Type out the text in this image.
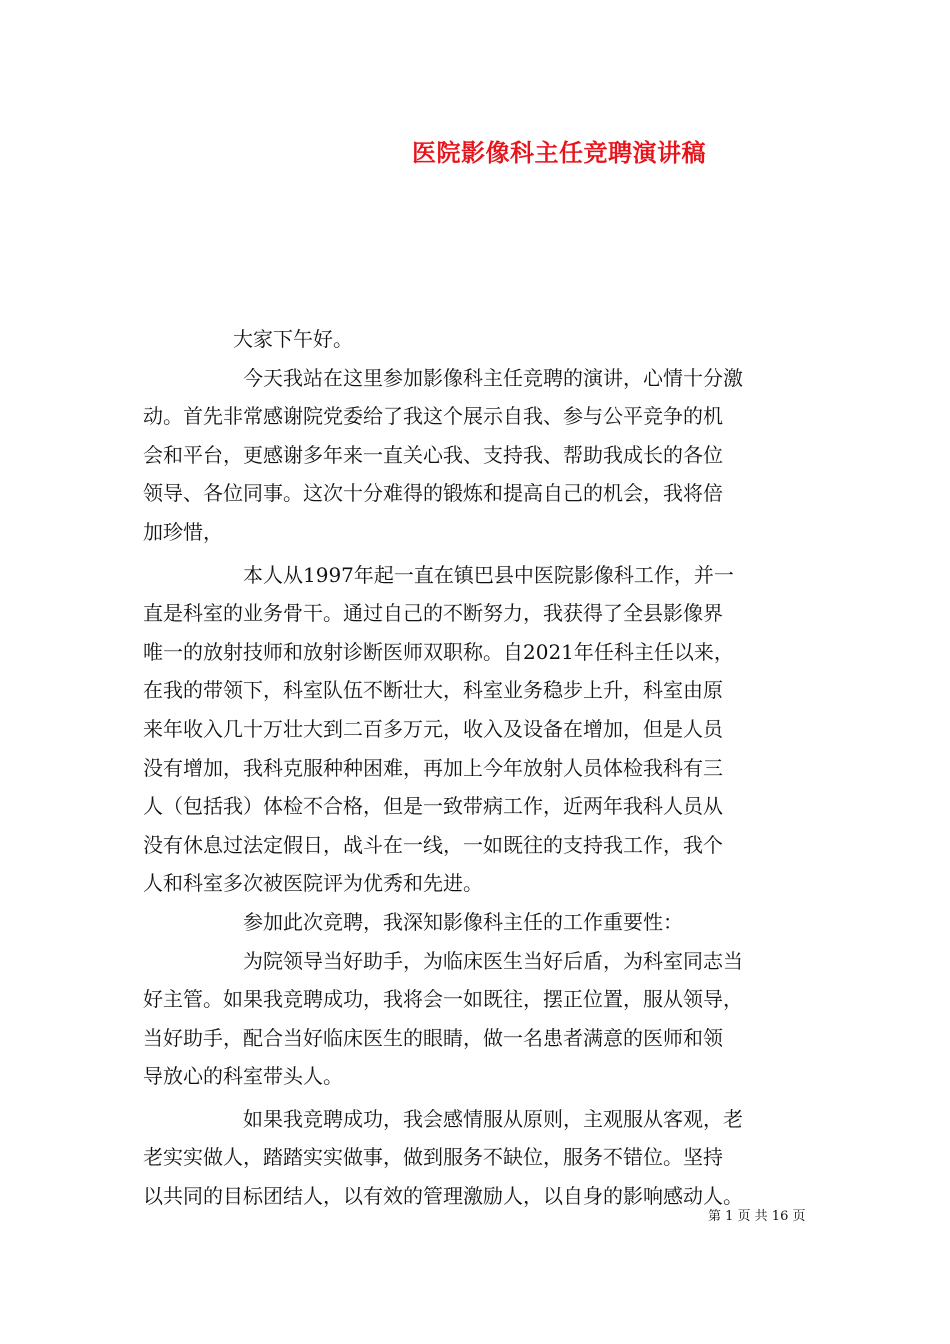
医院影像科主任竞聘演讲稿
大家下午好。
今天我站在这里参加影像科主任竞聘的演讲，心情十分激
动。首先非常感谢院党委给了我这个展示自我、参与公平竞争的机
会和平台，更感谢多年来一直关心我、支持我、帮助我成长的各位
领导、各位同事。这次十分难得的锻炼和提高自己的机会，我将倍
加珍惜，
本人从1997年起一直在镇巴县中医院影像科工作，并一
直是科室的业务骨干。通过自己的不断努力，我获得了全县影像界
唯一的放射技师和放射诊断医师双职称。自2021年任科主任以来，
在我的带领下，科室队伍不断壮大，科室业务稳步上升，科室由原
来年收入几十万壮大到二百多万元，收入及设备在增加，但是人员
没有增加，我科克服种种困难，再加上今年放射人员体检我科有三
人（包括我）体检不合格，但是一致带病工作，近两年我科人员从
没有休息过法定假日，战斗在一线，一如既往的支持我工作，我个
人和科室多次被医院评为优秀和先进。
参加此次竞聘，我深知影像科主任的工作重要性：
为院领导当好助手，为临床医生当好后盾，为科室同志当
好主管。如果我竞聘成功，我将会一如既往，摆正位置，服从领导，
当好助手，配合当好临床医生的眼睛，做一名患者满意的医师和领
导放心的科室带头人。
如果我竞聘成功，我会感情服从原则，主观服从客观，老
老实实做人，踏踏实实做事，做到服务不缺位，服务不错位。坚持
以共同的目标团结人，以有效的管理激励人，以自身的影响感动人。
第 1 页 共 16 页
